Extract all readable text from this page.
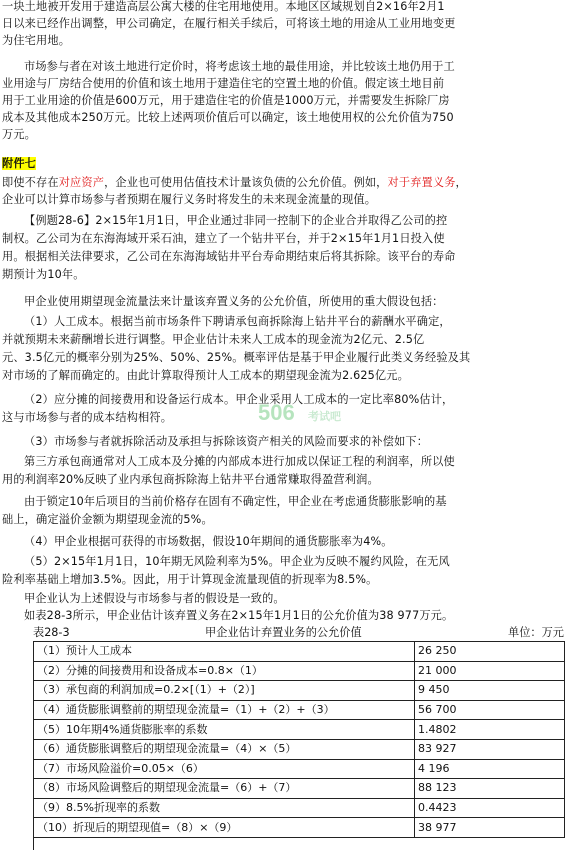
一块土地被开发用于建造高层公寓大楼的住宅用地使用。本地区区域规划自2×16年2月1
日以来已经作出调整，甲公司确定，在履行相关手续后，可将该土地的用途从工业用地变更
为住宅用地。
市场参与者在对该土地进行定价时，将考虑该土地的最佳用途，并比较该土地仍用于工
业用途与厂房结合使用的价值和该土地用于建造住宅的空置土地的价值。假定该土地目前
用于工业用途的价值是600万元，用于建造住宅的价值是1000万元，并需要发生拆除厂房
成本及其他成本250万元。比较上述两项价值后可以确定，该土地使用权的公允价值为750
万元。
附件七
即使不存在对应资产，企业也可使用估值技术计量该负债的公允价值。例如，对于弃置义务，
企业可以计算市场参与者预期在履行义务时将发生的未来现金流量的现值。
【例题28-6】2×15年1月1日，甲企业通过非同一控制下的企业合并取得乙公司的控
制权。乙公司为在东海海域开采石油，建立了一个钻井平台，并于2×15年1月1日投入使
用。根据相关法律要求，乙公司在东海海域钻井平台寿命期结束后将其拆除。该平台的寿命
期预计为10年。
甲企业使用期望现金流量法来计量该弃置义务的公允价值，所使用的重大假设包括：
（1）人工成本。根据当前市场条件下聘请承包商拆除海上钻井平台的薪酬水平确定，
并就预期未来薪酬增长进行调整。甲企业估计未来人工成本的现金流为2亿元、2.5亿
元、3.5亿元的概率分别为25%、50%、25%。概率评估是基于甲企业履行此类义务经验及其
对市场的了解而确定的。由此计算取得预计人工成本的期望现金流为2.625亿元。
（2）应分摊的间接费用和设备运行成本。甲企业采用人工成本的一定比率80%估计，
这与市场参与者的成本结构相符。
（3）市场参与者就拆除活动及承担与拆除该资产相关的风险而要求的补偿如下：
第三方承包商通常对人工成本及分摊的内部成本进行加成以保证工程的利润率，所以使
用的利润率20%反映了业内承包商拆除海上钻井平台通常赚取得盈营利润。
由于锁定10年后项目的当前价格存在固有不确定性，甲企业在考虑通货膨胀影响的基
础上，确定溢价金额为期望现金流的5%。
（4）甲企业根据可获得的市场数据，假设10年期间的通货膨胀率为4%。
（5）2×15年1月1日，10年期无风险利率为5%。甲企业为反映不履约风险，在无风
险利率基础上增加3.5%。因此，用于计算现金流量现值的折现率为8.5%。
甲企业认为上述假设与市场参与者的假设是一致的。
如表28-3所示，甲企业估计该弃置义务在2×15年1月1日的公允价值为38 977万元。
506 考试吧
表28-3	甲企业估计弃置业务的公允价值	单位：万元
（1）预计人工成本	26 250
（2）分摊的间接费用和设备成本=0.8×（1）	21 000
（3）承包商的利润加成=0.2×[（1）+（2）]	9 450
（4）通货膨胀调整前的期望现金流量=（1）+（2）+（3）	56 700
（5）10年期4%通货膨胀率的系数	1.4802
（6）通货膨胀调整后的期望现金流量=（4）×（5）	83 927
（7）市场风险溢价=0.05×（6）	4 196
（8）市场风险调整后的期望现金流量=（6）+（7）	88 123
（9）8.5%折现率的系数	0.4423
（10）折现后的期望现值=（8）×（9）	38 977
